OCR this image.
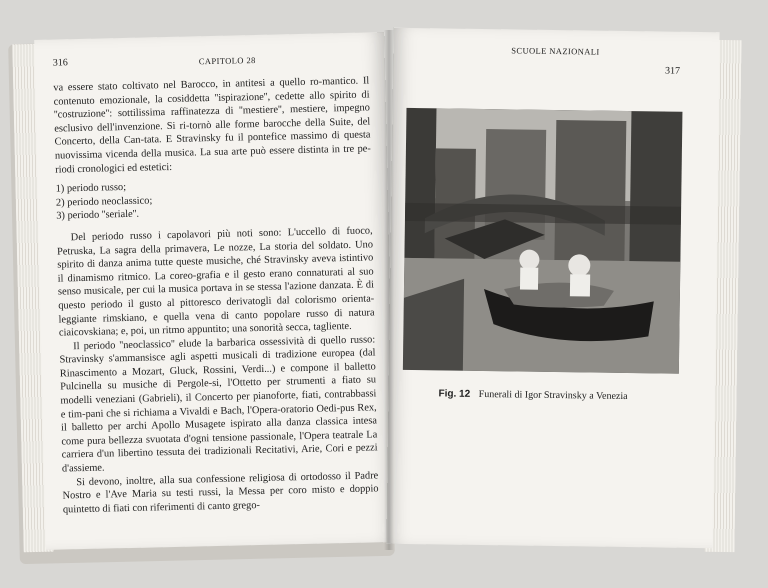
316	CAPITOLO 28

va essere stato coltivato nel Barocco, in antitesi a quello ro-mantico. Il contenuto emozionale, la cosiddetta ''ispirazione'', cedette allo spirito di ''costruzione'': sottilissima raffinatezza di ''mestiere'', mestiere, impegno esclusivo dell'invenzione. Si ri-tornò alle forme barocche della Suite, del Concerto, della Can-tata. E Stravinsky fu il pontefice massimo di questa nuovissima vicenda della musica. La sua arte può essere distinta in tre pe-riodi cronologici ed estetici:

1) periodo russo;
2) periodo neoclassico;
3) periodo ''seriale''.

Del periodo russo i capolavori più noti sono: L'uccello di fuoco, Petruska, La sagra della primavera, Le nozze, La storia del soldato. Uno spirito di danza anima tutte queste musiche, ché Stravinsky aveva istintivo il dinamismo ritmico. La coreo-grafia e il gesto erano connaturati al suo senso musicale, per cui la musica portava in se stessa l'azione danzata. È di questo periodo il gusto al pittoresco derivatogli dal colorismo orienta-leggiante rimskiano, e quella vena di canto popolare russo di natura ciaicovskiana; e, poi, un ritmo appuntito; una sonorità secca, tagliente.

Il periodo ''neoclassico'' elude la barbarica ossessività di quello russo: Stravinsky s'ammansisce agli aspetti musicali di tradizione europea (dal Rinascimento a Mozart, Gluck, Rossini, Verdi...) e compone il balletto Pulcinella su musiche di Pergole-si, l'Ottetto per strumenti a fiato su modelli veneziani (Gabrieli), il Concerto per pianoforte, fiati, contrabbassi e tim-pani che si richiama a Vivaldi e Bach, l'Opera-oratorio Oedi-pus Rex, il balletto per archi Apollo Musagete ispirato alla danza classica intesa come pura bellezza svuotata d'ogni tensione passionale, l'Opera teatrale La carriera d'un libertino tessuta dei tradizionali Recitativi, Arie, Cori e pezzi d'assieme.

Si devono, inoltre, alla sua confessione religiosa di ortodosso il Padre Nostro e l'Ave Maria su testi russi, la Messa per coro misto e doppio quintetto di fiati con riferimenti di canto grego-

SCUOLE NAZIONALI
317
Fig. 12 Funerali di Igor Stravinsky a Venezia
